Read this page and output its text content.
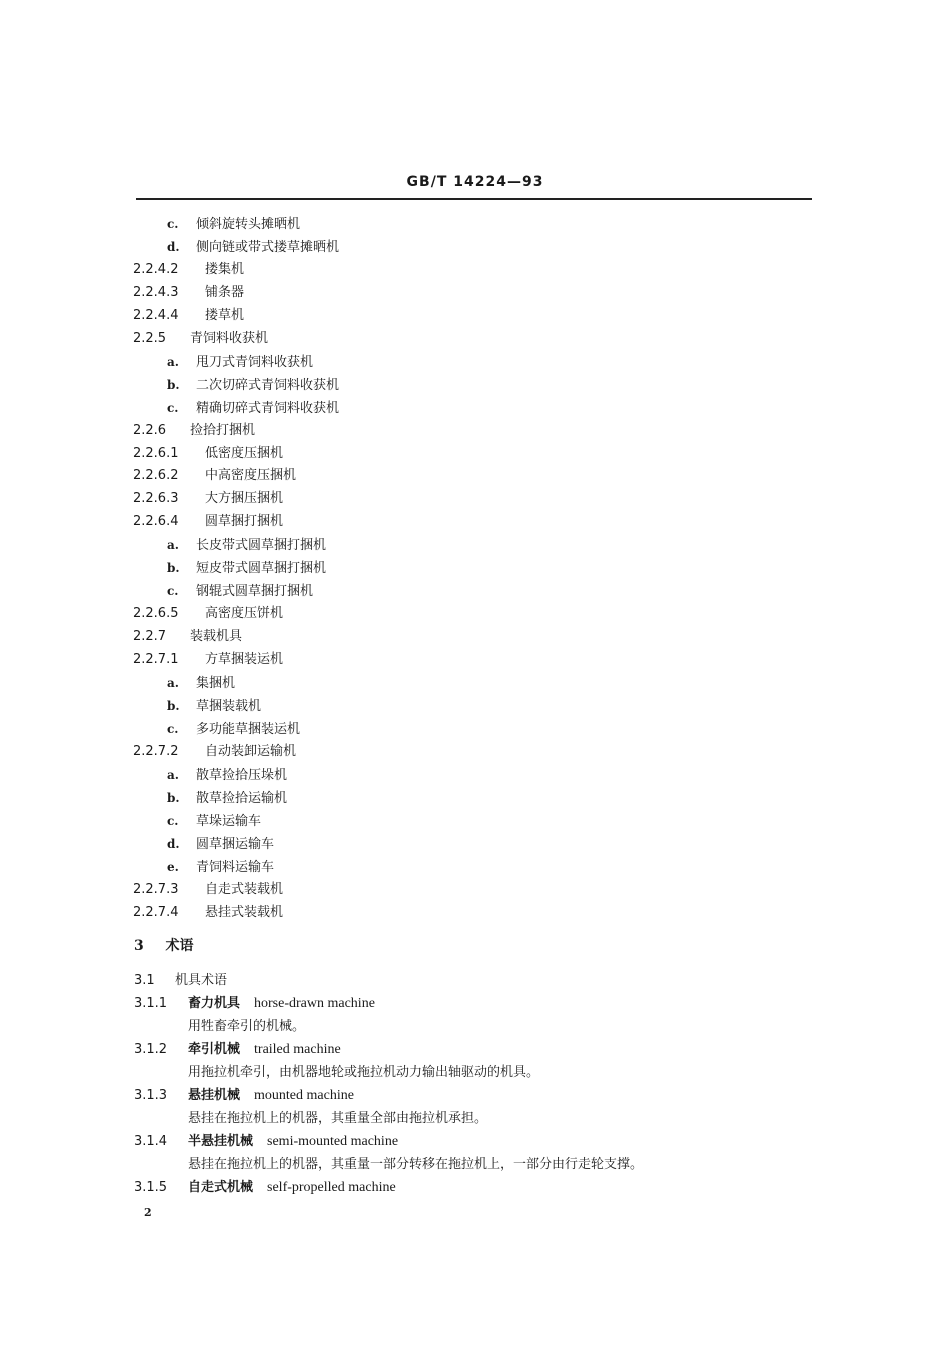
GB/T 14224—93
c. 倾斜旋转头摊晒机
d. 侧向链或带式搂草摊晒机
2.2.4.2 搂集机
2.2.4.3 铺条器
2.2.4.4 搂草机
2.2.5 青饲料收获机
a. 甩刀式青饲料收获机
b. 二次切碎式青饲料收获机
c. 精确切碎式青饲料收获机
2.2.6 捡拾打捆机
2.2.6.1 低密度压捆机
2.2.6.2 中高密度压捆机
2.2.6.3 大方捆压捆机
2.2.6.4 圆草捆打捆机
a. 长皮带式圆草捆打捆机
b. 短皮带式圆草捆打捆机
c. 钢辊式圆草捆打捆机
2.2.6.5 高密度压饼机
2.2.7 装载机具
2.2.7.1 方草捆装运机
a. 集捆机
b. 草捆装载机
c. 多功能草捆装运机
2.2.7.2 自动装卸运输机
a. 散草捡拾压垛机
b. 散草捡拾运输机
c. 草垛运输车
d. 圆草捆运输车
e. 青饲料运输车
2.2.7.3 自走式装载机
2.2.7.4 悬挂式装载机
3 术语
3.1 机具术语
3.1.1 畜力机具 horse-drawn machine
用牲畜牵引的机械。
3.1.2 牵引机械 trailed machine
用拖拉机牵引，由机器地轮或拖拉机动力输出轴驱动的机具。
3.1.3 悬挂机械 mounted machine
悬挂在拖拉机上的机器，其重量全部由拖拉机承担。
3.1.4 半悬挂机械 semi-mounted machine
悬挂在拖拉机上的机器，其重量一部分转移在拖拉机上，一部分由行走轮支撑。
3.1.5 自走式机械 self-propelled machine
2
